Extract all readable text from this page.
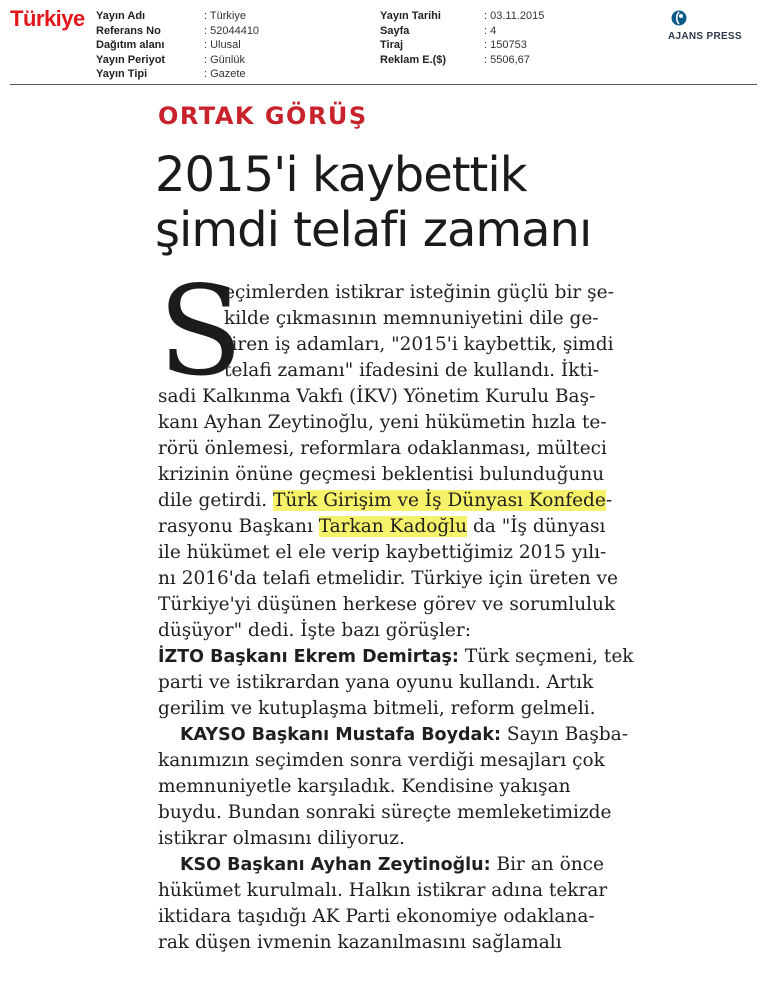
Türkiye Yayın Adı	: Türkiye
Referans No	: 52044410
Dağıtım alanı	: Ulusal
Yayın Periyot	: Günlük
Yayın Tipi	: Gazete
Yayın Tarihi	: 03.11.2015
Sayfa	: 4
Tiraj	: 150753
Reklam E.($)	: 5506,67
AJANS PRESS
ORTAK GÖRÜŞ
2015'i kaybettik
şimdi telafi zamanı
S
eçimlerden istikrar isteğinin güçlü bir şe-
kilde çıkmasının memnuniyetini dile ge-
tiren iş adamları, "2015'i kaybettik, şimdi
telafi zamanı" ifadesini de kullandı. İkti-
sadi Kalkınma Vakfı (İKV) Yönetim Kurulu Baş-
kanı Ayhan Zeytinoğlu, yeni hükümetin hızla te-
rörü önlemesi, reformlara odaklanması, mülteci
krizinin önüne geçmesi beklentisi bulunduğunu
dile getirdi. Türk Girişim ve İş Dünyası Konfede-
rasyonu Başkanı Tarkan Kadoğlu da "İş dünyası
ile hükümet el ele verip kaybettiğimiz 2015 yılı-
nı 2016'da telafi etmelidir. Türkiye için üreten ve
Türkiye'yi düşünen herkese görev ve sorumluluk
düşüyor" dedi. İşte bazı görüşler:
İZTO Başkanı Ekrem Demirtaş: Türk seçmeni, tek
parti ve istikrardan yana oyunu kullandı. Artık
gerilim ve kutuplaşma bitmeli, reform gelmeli.
KAYSO Başkanı Mustafa Boydak: Sayın Başba-
kanımızın seçimden sonra verdiği mesajları çok
memnuniyetle karşıladık. Kendisine yakışan
buydu. Bundan sonraki süreçte memleketimizde
istikrar olmasını diliyoruz.
KSO Başkanı Ayhan Zeytinoğlu: Bir an önce
hükümet kurulmalı. Halkın istikrar adına tekrar
iktidara taşıdığı AK Parti ekonomiye odaklana-
rak düşen ivmenin kazanılmasını sağlamalı
